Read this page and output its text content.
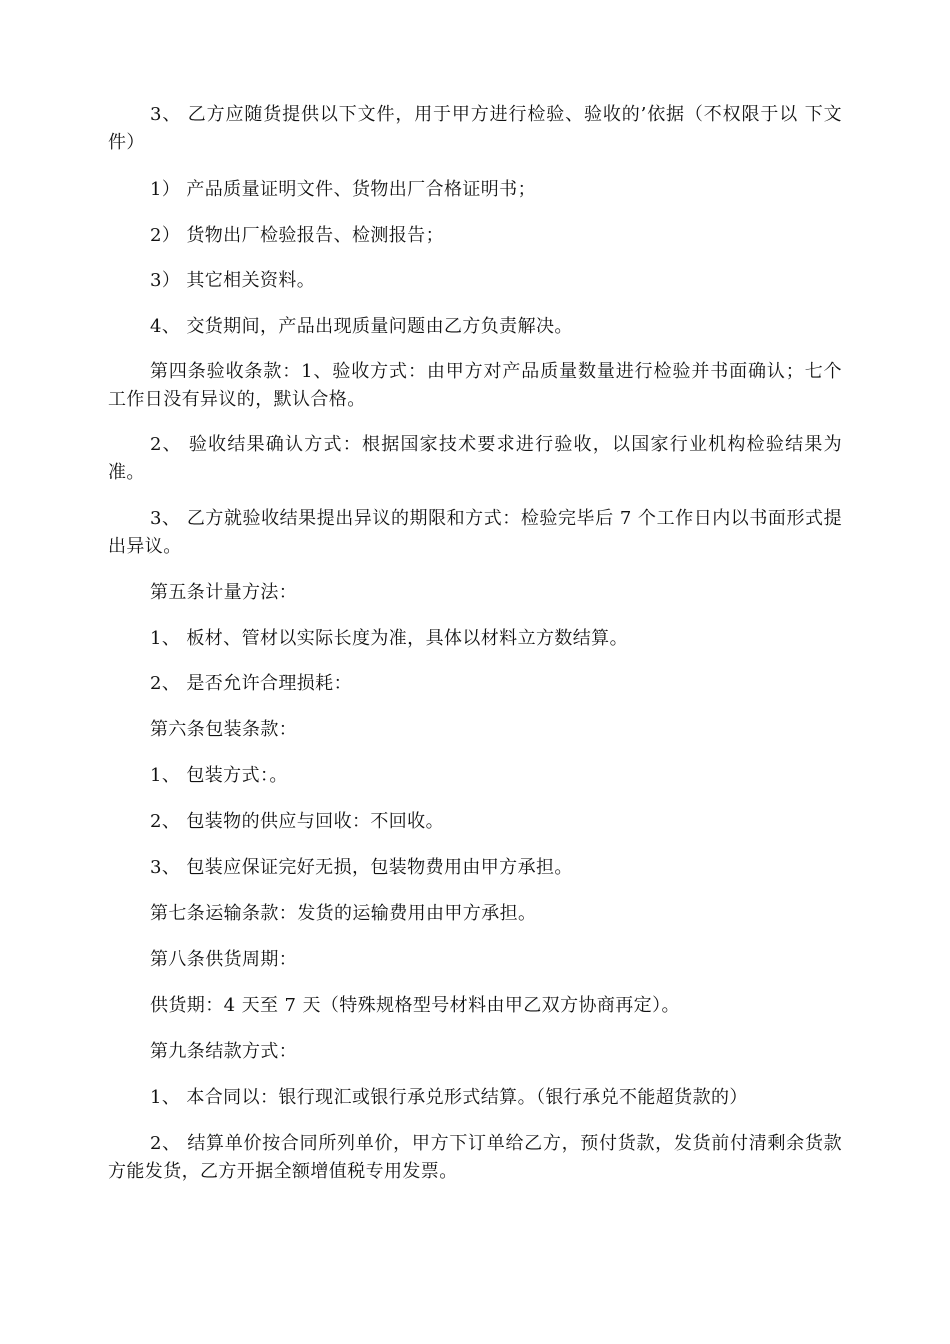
3、 乙方应随货提供以下文件，用于甲方进行检验、验收的’依据（不权限于以 下文件）

1） 产品质量证明文件、货物出厂合格证明书；

2） 货物出厂检验报告、检测报告；

3） 其它相关资料。

4、 交货期间，产品出现质量问题由乙方负责解决。

第四条验收条款：1、验收方式：由甲方对产品质量数量进行检验并书面确认；七个工作日没有异议的，默认合格。

2、 验收结果确认方式：根据国家技术要求进行验收，以国家行业机构检验结果为准。

3、 乙方就验收结果提出异议的期限和方式：检验完毕后 7 个工作日内以书面形式提出异议。

第五条计量方法：

1、 板材、管材以实际长度为准，具体以材料立方数结算。

2、 是否允许合理损耗：

第六条包装条款：

1、 包装方式：。

2、 包装物的供应与回收：不回收。

3、 包装应保证完好无损，包装物费用由甲方承担。

第七条运输条款：发货的运输费用由甲方承担。

第八条供货周期：

供货期：4 天至 7 天（特殊规格型号材料由甲乙双方协商再定）。

第九条结款方式：

1、 本合同以：银行现汇或银行承兑形式结算。（银行承兑不能超货款的）

2、 结算单价按合同所列单价，甲方下订单给乙方，预付货款，发货前付清剩余货款方能发货，乙方开据全额增值税专用发票。
